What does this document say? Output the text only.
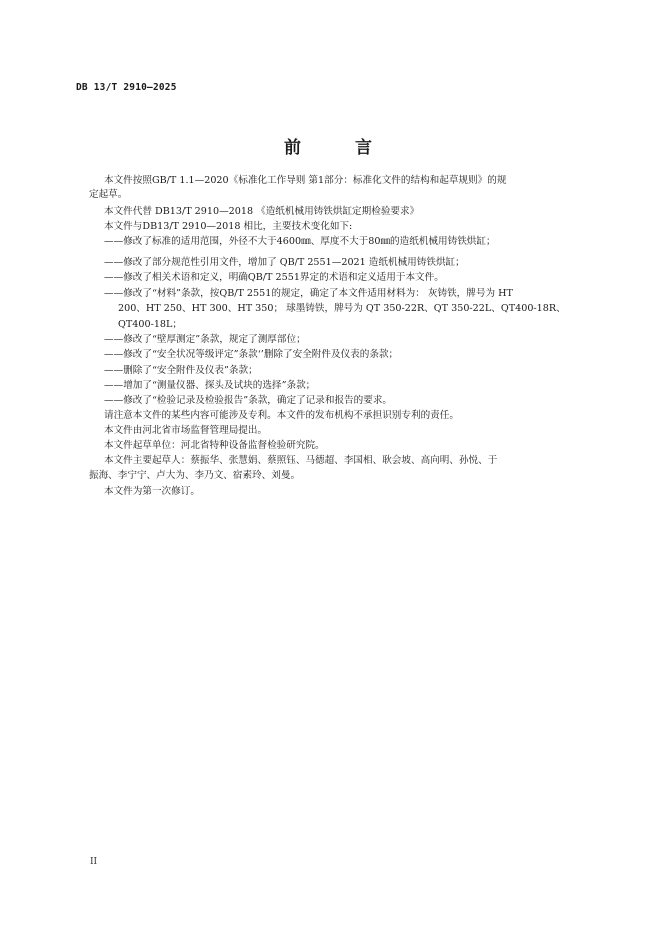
DB 13/T 2910—2025
前 言
本文件按照GB/T 1.1—2020《标准化工作导则 第1部分：标准化文件的结构和起草规则》的规
定起草。
本文件代替 DB13/T 2910—2018 《造纸机械用铸铁烘缸定期检验要求》
本文件与DB13/T 2910—2018 相比，主要技术变化如下:
——修改了标准的适用范围，外径不大于4600㎜、厚度不大于80㎜的造纸机械用铸铁烘缸；
——修改了部分规范性引用文件，增加了 QB/T 2551—2021 造纸机械用铸铁烘缸；
——修改了相关术语和定义，明确QB/T 2551界定的术语和定义适用于本文件。
——修改了“材料”条款，按QB/T 2551的规定，确定了本文件适用材料为： 灰铸铁，牌号为 HT
200、HT 250、HT 300、HT 350； 球墨铸铁，牌号为 QT 350-22R、QT 350-22L、QT400-18R、
QT400-18L；
——修改了“壁厚测定”条款，规定了测厚部位；
——修改了“安全状况等级评定”条款‘’删除了安全附件及仪表的条款；
——删除了“安全附件及仪表”条款；
——增加了“测量仪器、探头及试块的选择”条款；
——修改了“检验记录及检验报告”条款，确定了记录和报告的要求。
请注意本文件的某些内容可能涉及专利。本文件的发布机构不承担识别专利的责任。
本文件由河北省市场监督管理局提出。
本文件起草单位：河北省特种设备监督检验研究院。
本文件主要起草人：蔡振华、张慧娟、蔡照钰、马德超、李国相、耿会坡、高向明、孙悦、于
振海、李宁宁、卢大为、李乃文、宿素玲、刘曼。
本文件为第一次修订。
II
